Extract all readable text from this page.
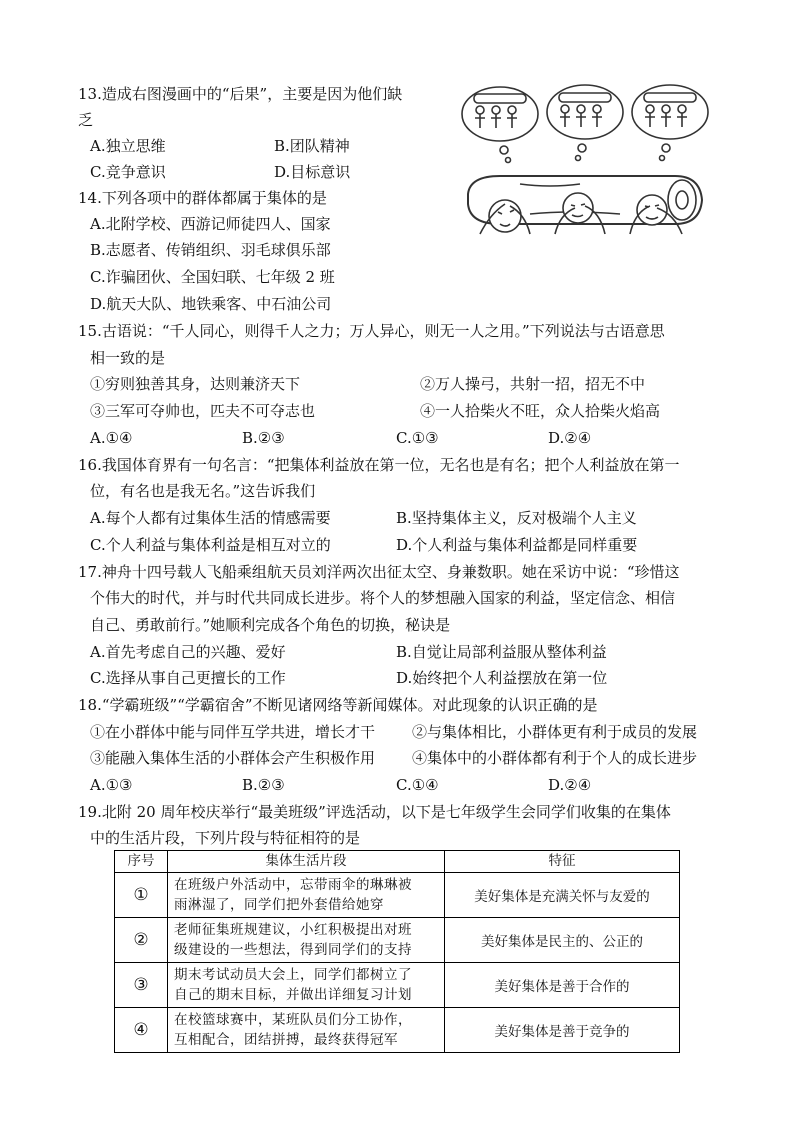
13.造成右图漫画中的“后果”，主要是因为他们缺
乏
A.独立思维	B.团队精神
C.竞争意识	D.目标意识
14.下列各项中的群体都属于集体的是
A.北附学校、西游记师徒四人、国家
B.志愿者、传销组织、羽毛球俱乐部
C.诈骗团伙、全国妇联、七年级 2 班
D.航天大队、地铁乘客、中石油公司
15.古语说：“千人同心，则得千人之力；万人异心，则无一人之用。”下列说法与古语意思
相一致的是
①穷则独善其身，达则兼济天下	②万人操弓，共射一招，招无不中
③三军可夺帅也，匹夫不可夺志也	④一人拾柴火不旺，众人拾柴火焰高
A.①④	B.②③	C.①③	D.②④
16.我国体育界有一句名言：“把集体利益放在第一位，无名也是有名；把个人利益放在第一
位，有名也是我无名。”这告诉我们
A.每个人都有过集体生活的情感需要	B.坚持集体主义，反对极端个人主义
C.个人利益与集体利益是相互对立的	D.个人利益与集体利益都是同样重要
17.神舟十四号载人飞船乘组航天员刘洋两次出征太空、身兼数职。她在采访中说：“珍惜这
个伟大的时代，并与时代共同成长进步。将个人的梦想融入国家的利益，坚定信念、相信
自己、勇敢前行。”她顺利完成各个角色的切换，秘诀是
A.首先考虑自己的兴趣、爱好	B.自觉让局部利益服从整体利益
C.选择从事自己更擅长的工作	D.始终把个人利益摆放在第一位
18.“学霸班级”“学霸宿舍”不断见诸网络等新闻媒体。对此现象的认识正确的是
①在小群体中能与同伴互学共进，增长才干 ②与集体相比，小群体更有利于成员的发展
③能融入集体生活的小群体会产生积极作用 ④集体中的小群体都有利于个人的成长进步
A.①③	B.②③	C.①④	D.②④
19.北附 20 周年校庆举行“最美班级”评选活动，以下是七年级学生会同学们收集的在集体
中的生活片段，下列片段与特征相符的是
序号	集体生活片段	特征
①	在班级户外活动中，忘带雨伞的琳琳被
雨淋湿了，同学们把外套借给她穿	美好集体是充满关怀与友爱的
②	老师征集班规建议，小红积极提出对班
级建设的一些想法，得到同学们的支持	美好集体是民主的、公正的
③	期末考试动员大会上，同学们都树立了
自己的期末目标，并做出详细复习计划	美好集体是善于合作的
④	在校篮球赛中，某班队员们分工协作，
互相配合，团结拼搏，最终获得冠军	美好集体是善于竞争的
